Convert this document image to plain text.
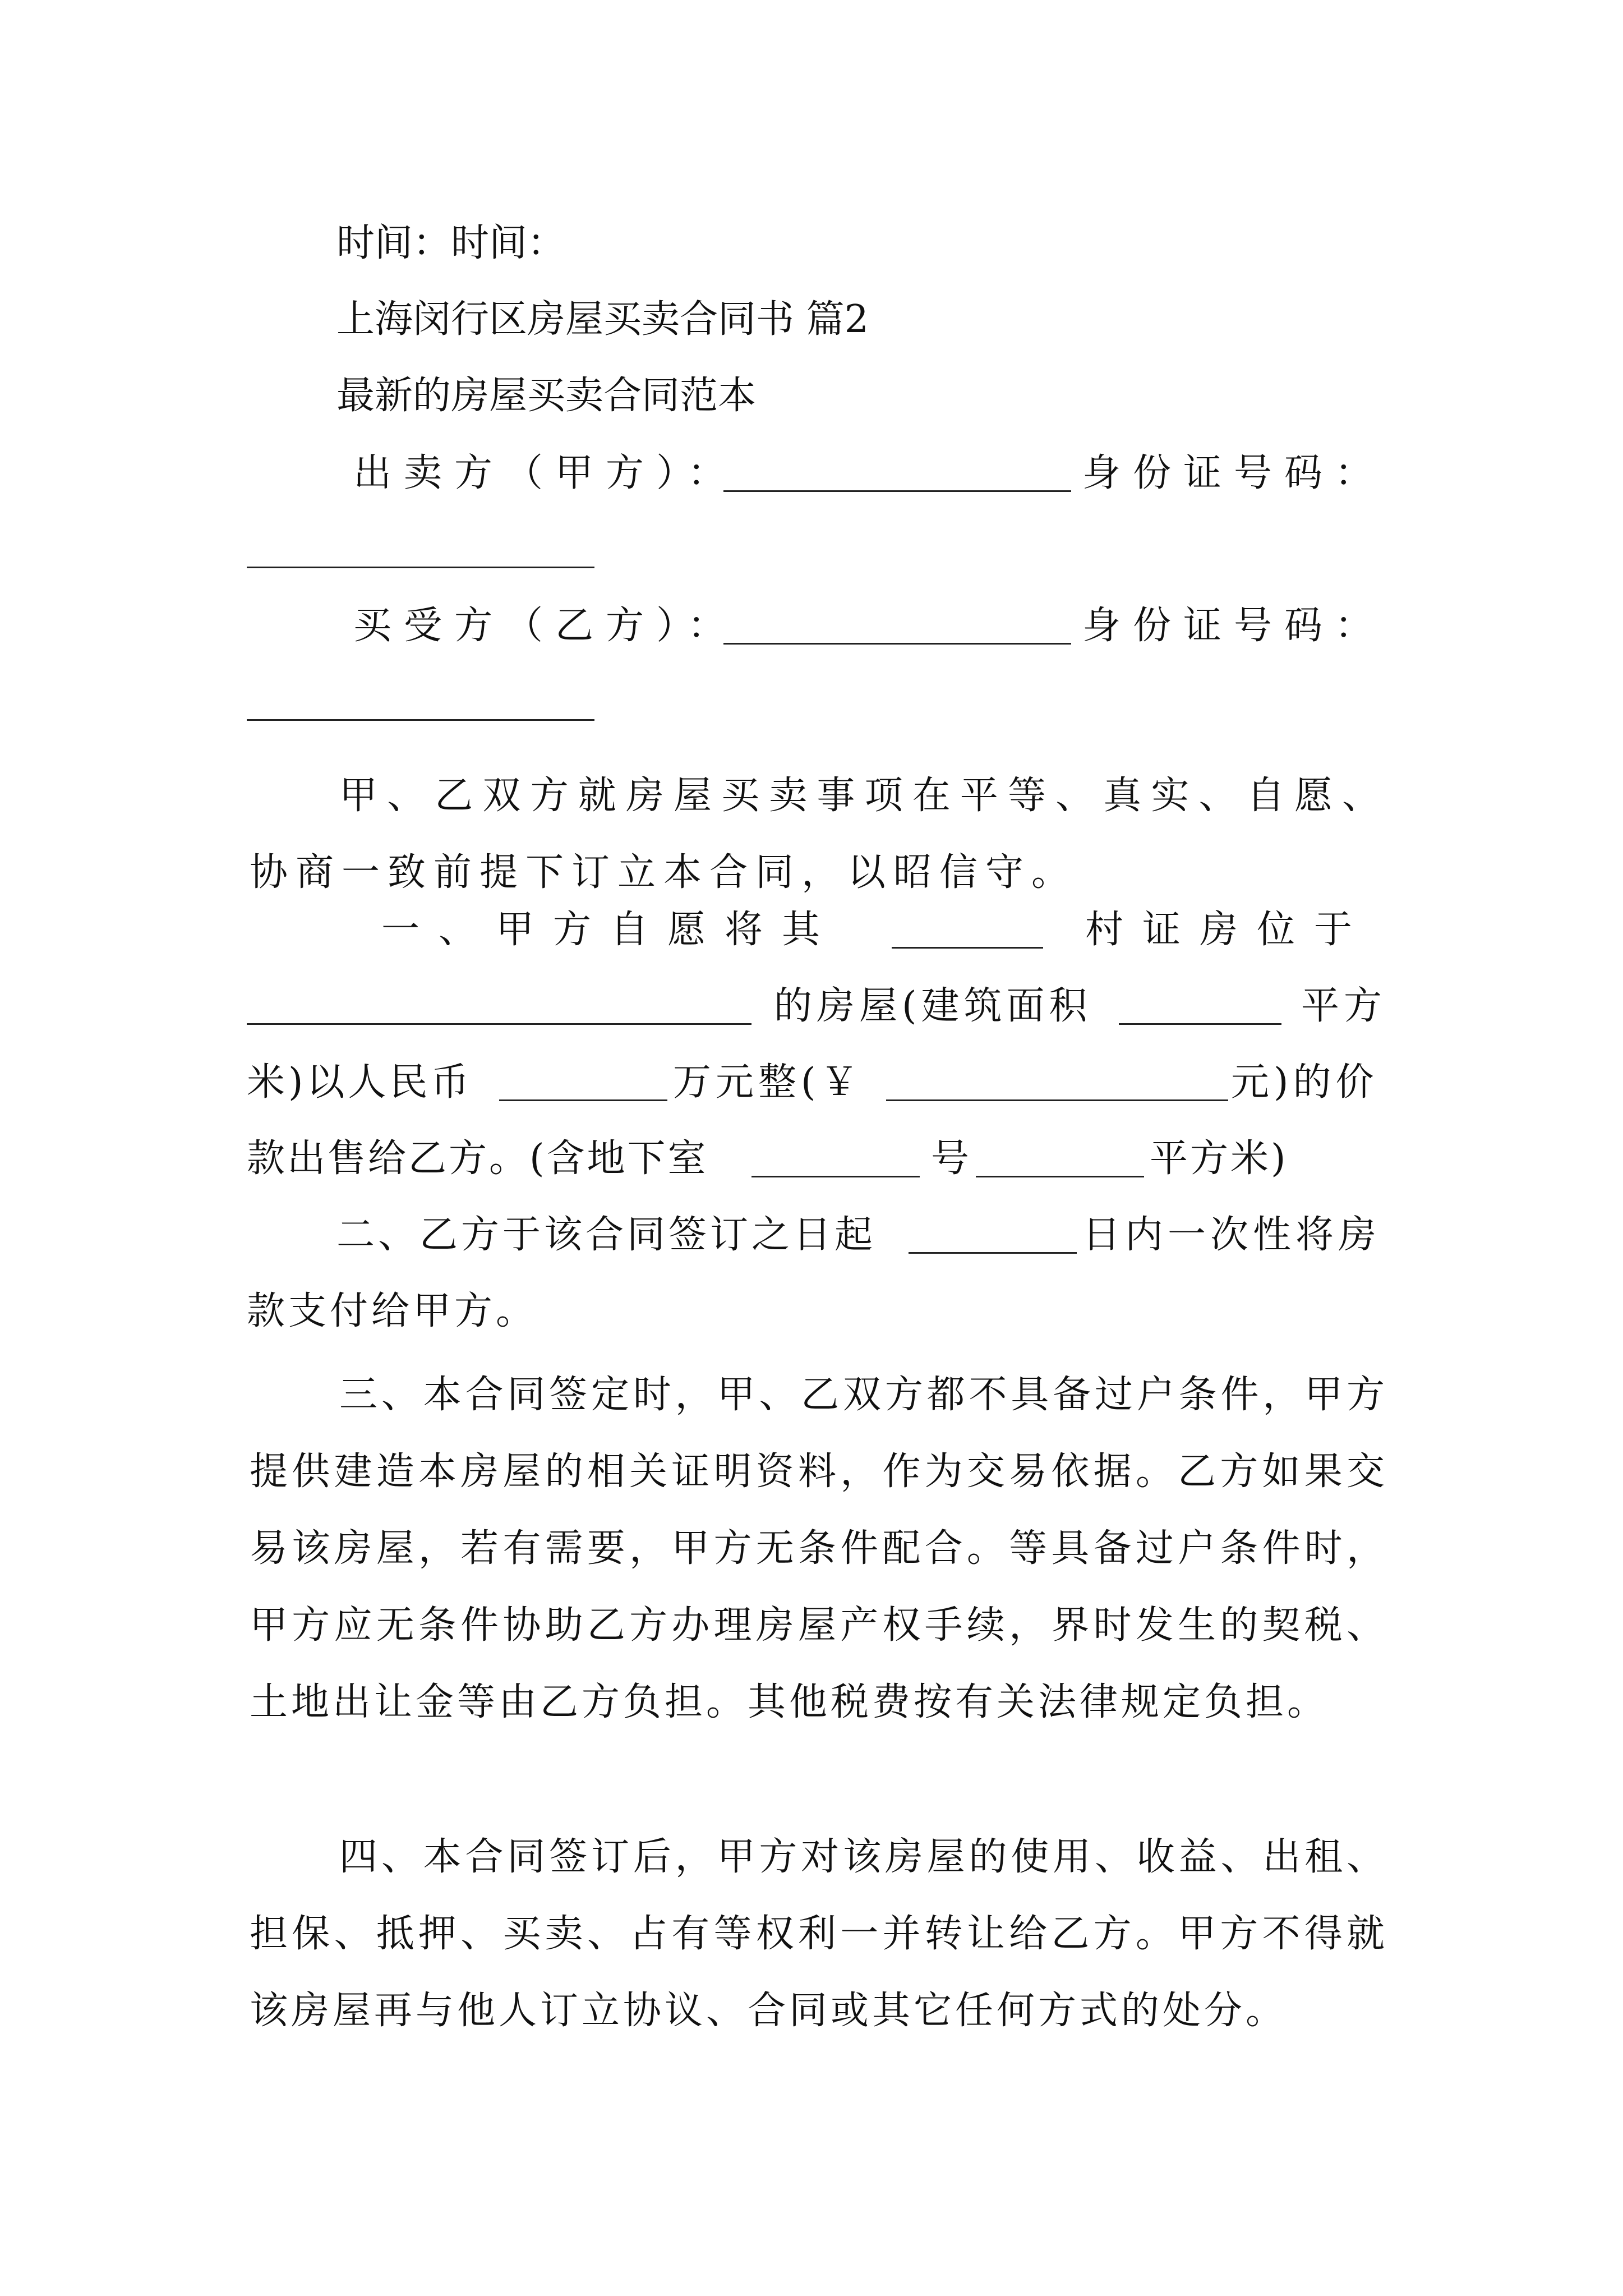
时间：时间：
上海闵行区房屋买卖合同书 篇2
最新的房屋买卖合同范本
出卖方（甲方）：	身份证号码：
买受方（乙方）：	身份证号码：
甲、乙双方就房屋买卖事项在平等、真实、自愿、协商一致前提下订立本合同，以昭信守。
一、甲方自愿将其	村证房位于
的房屋(建筑面积	平方
米)以人民币	万元整(￥	元)的价
款出售给乙方。(含地下室	号	平方米)
二、乙方于该合同签订之日起	日内一次性将房
款支付给甲方。
三、本合同签定时，甲、乙双方都不具备过户条件，甲方提供建造本房屋的相关证明资料，作为交易依据。乙方如果交易该房屋，若有需要，甲方无条件配合。等具备过户条件时，甲方应无条件协助乙方办理房屋产权手续，界时发生的契税、土地出让金等由乙方负担。其他税费按有关法律规定负担。
四、本合同签订后，甲方对该房屋的使用、收益、出租、担保、抵押、买卖、占有等权利一并转让给乙方。甲方不得就该房屋再与他人订立协议、合同或其它任何方式的处分。
